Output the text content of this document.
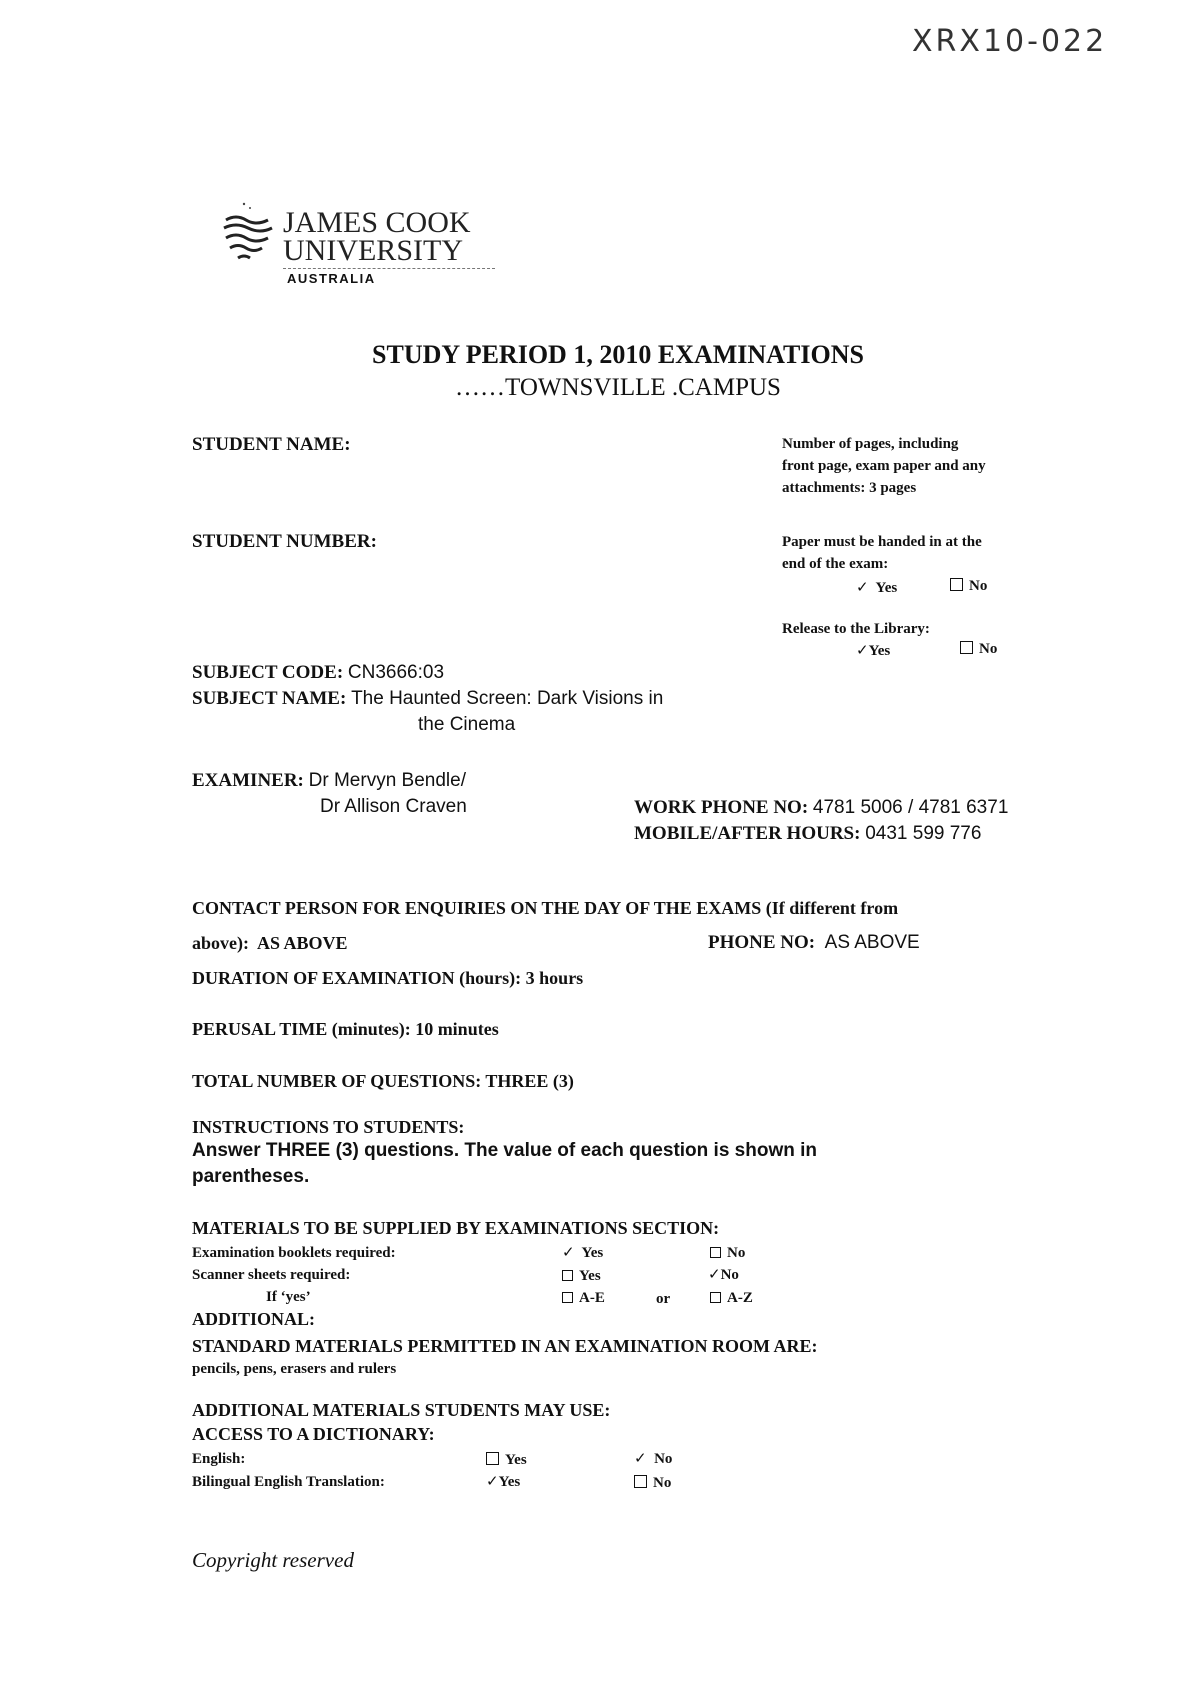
XRX10-022
JAMES COOK
UNIVERSITY
AUSTRALIA
STUDY PERIOD 1, 2010 EXAMINATIONS
……TOWNSVILLE .CAMPUS
STUDENT NAME:
STUDENT NUMBER:
Number of pages, including
front page, exam paper and any
attachments: 3 pages
Paper must be handed in at the
end of the exam:
✓ Yes	No
Release to the Library:
✓Yes	No
SUBJECT CODE: CN3666:03
SUBJECT NAME: The Haunted Screen: Dark Visions in
the Cinema
EXAMINER: Dr Mervyn Bendle/
Dr Allison Craven	WORK PHONE NO: 4781 5006 / 4781 6371
MOBILE/AFTER HOURS: 0431 599 776
CONTACT PERSON FOR ENQUIRIES ON THE DAY OF THE EXAMS (If different from
above): AS ABOVE	PHONE NO: AS ABOVE
DURATION OF EXAMINATION (hours): 3 hours
PERUSAL TIME (minutes): 10 minutes
TOTAL NUMBER OF QUESTIONS: THREE (3)
INSTRUCTIONS TO STUDENTS:
Answer THREE (3) questions. The value of each question is shown in
parentheses.
MATERIALS TO BE SUPPLIED BY EXAMINATIONS SECTION:
Examination booklets required:	✓ Yes	No
Scanner sheets required:	Yes	✓No
If ‘yes’	A-E	or	A-Z
ADDITIONAL:
STANDARD MATERIALS PERMITTED IN AN EXAMINATION ROOM ARE:
pencils, pens, erasers and rulers
ADDITIONAL MATERIALS STUDENTS MAY USE:
ACCESS TO A DICTIONARY:
English:	Yes	✓ No
Bilingual English Translation:	✓Yes	No
Copyright reserved
